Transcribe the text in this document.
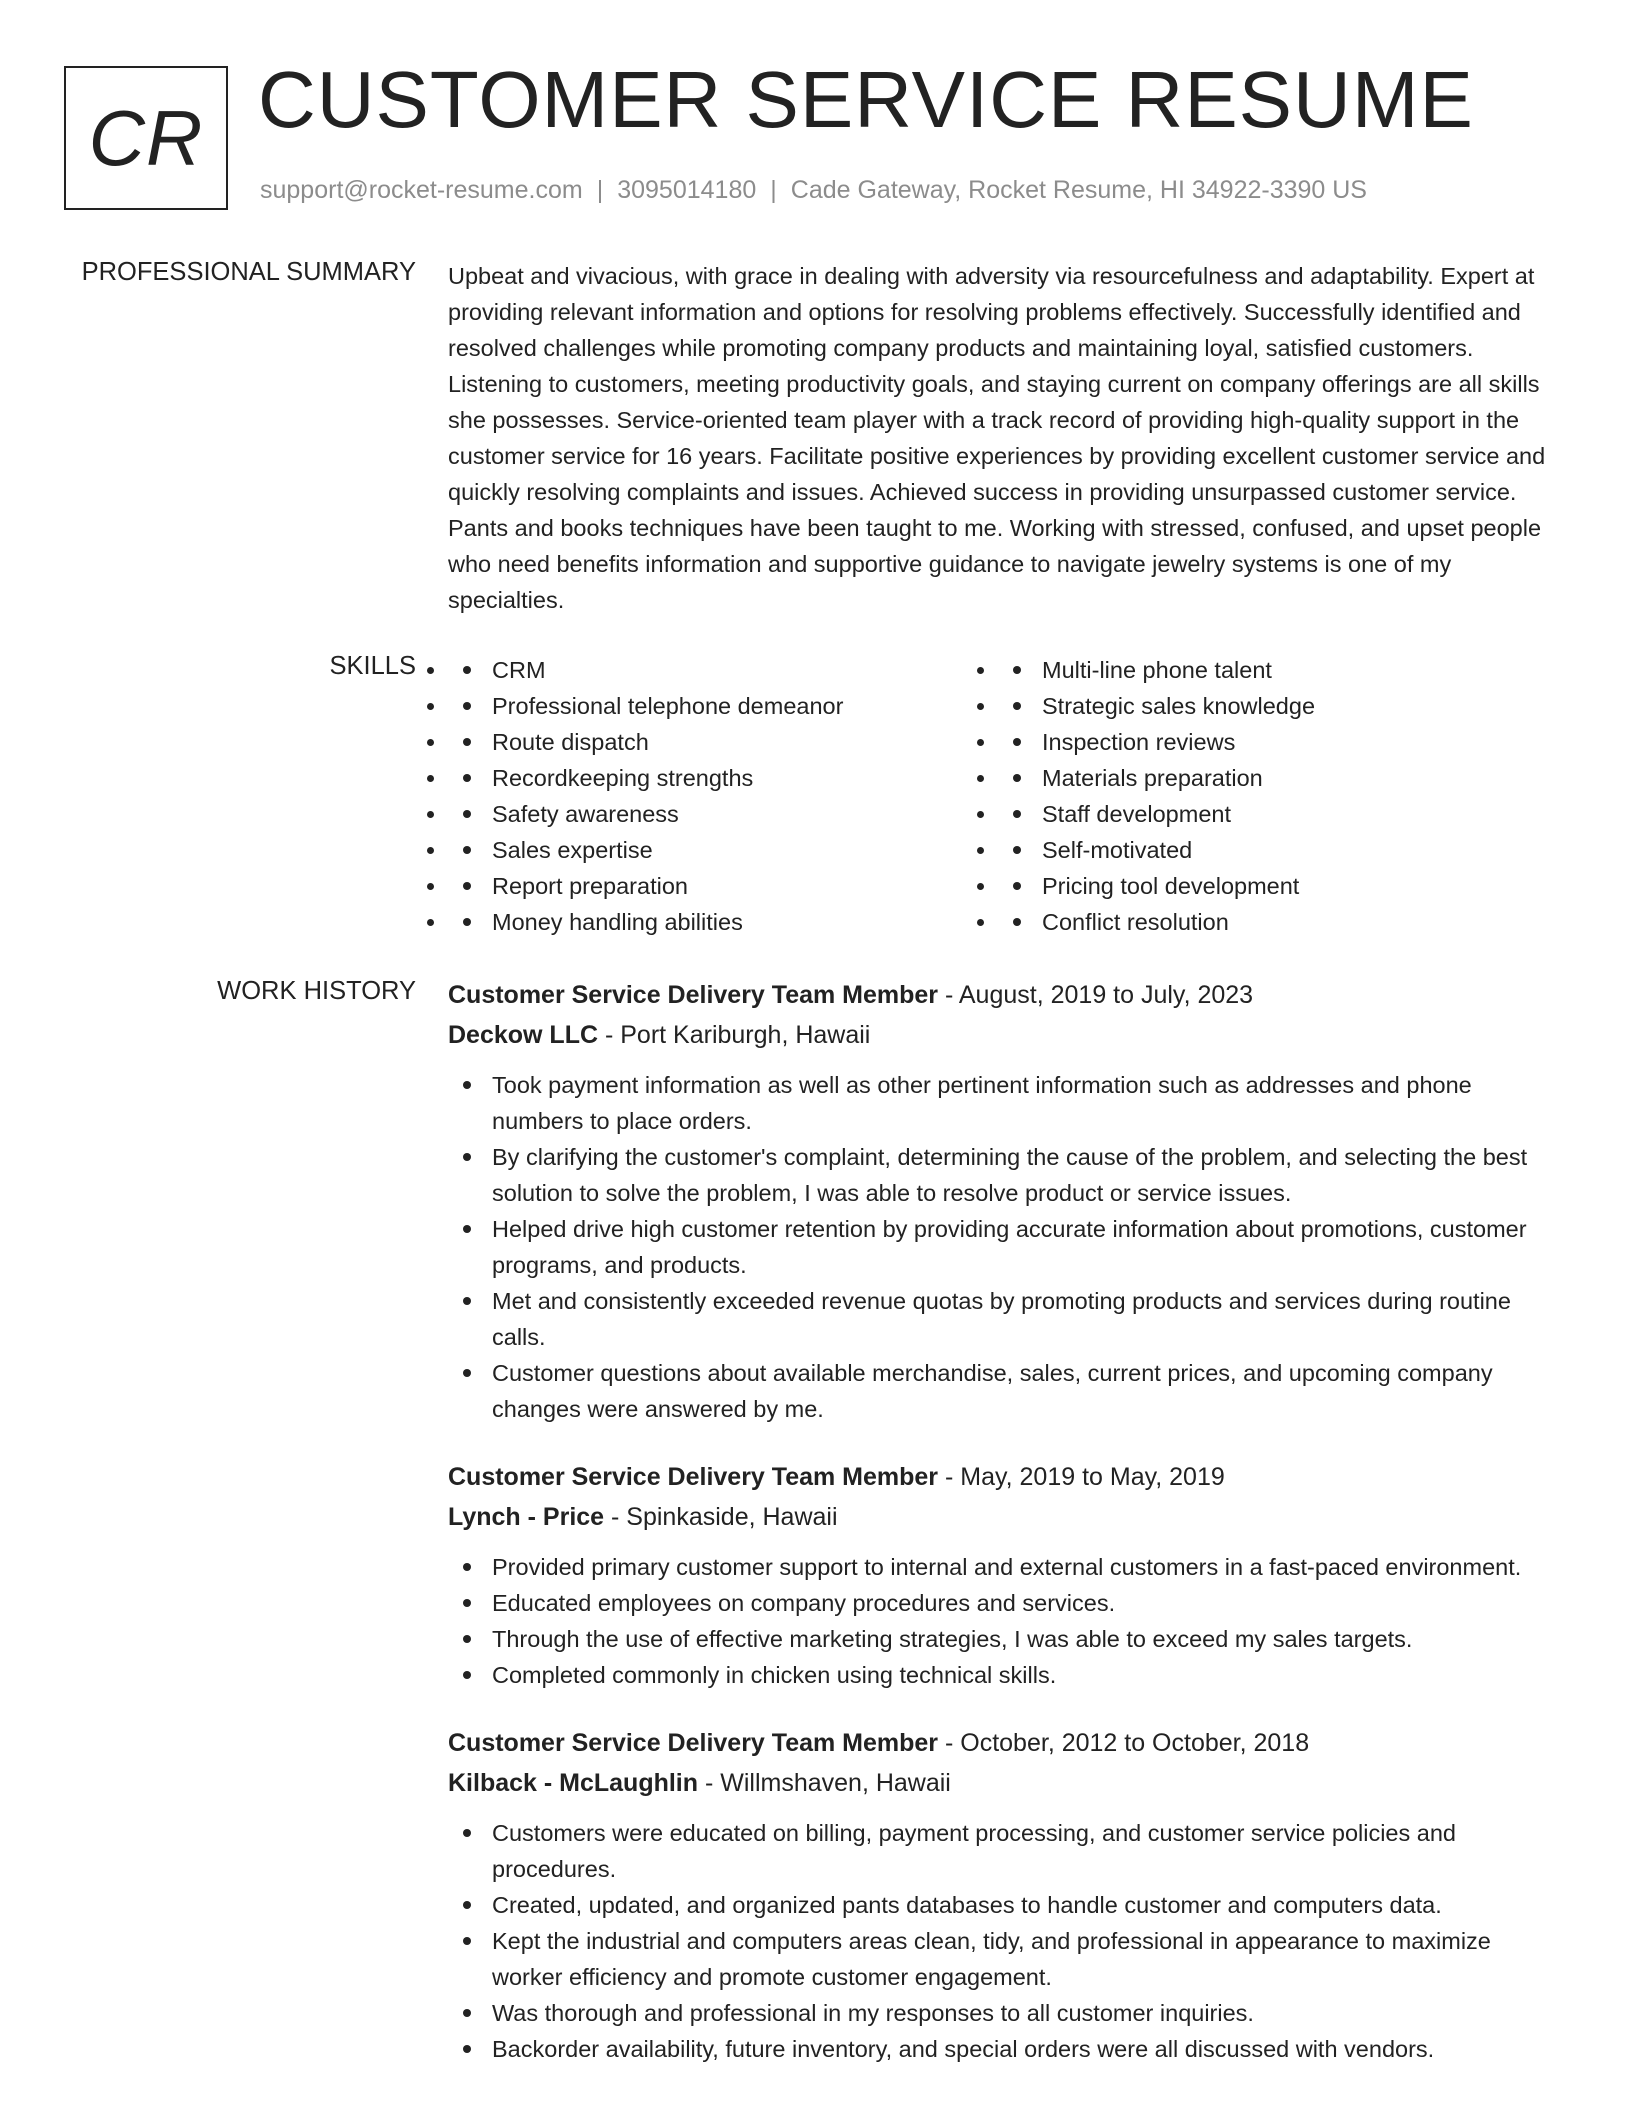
CR CUSTOMER SERVICE RESUME
support@rocket-resume.com | 3095014180 | Cade Gateway, Rocket Resume, HI 34922-3390 US
PROFESSIONAL SUMMARY Upbeat and vivacious, with grace in dealing with adversity via resourcefulness and adaptability. Expert at providing relevant information and options for resolving problems effectively. Successfully identified and resolved challenges while promoting company products and maintaining loyal, satisfied customers. Listening to customers, meeting productivity goals, and staying current on company offerings are all skills she possesses. Service-oriented team player with a track record of providing high-quality support in the customer service for 16 years. Facilitate positive experiences by providing excellent customer service and quickly resolving complaints and issues. Achieved success in providing unsurpassed customer service. Pants and books techniques have been taught to me. Working with stressed, confused, and upset people who need benefits information and supportive guidance to navigate jewelry systems is one of my specialties.
SKILLS
•	CRM
• Professional telephone demeanor
• Route dispatch
• Recordkeeping strengths
• Safety awareness
• Sales expertise
• Report preparation
• Money handling abilities
• Multi-line phone talent
• Strategic sales knowledge
• Inspection reviews
• Materials preparation
• Staff development
• Self-motivated
• Pricing tool development
• Conflict resolution
WORK HISTORY Customer Service Delivery Team Member - August, 2019 to July, 2023
Deckow LLC - Port Kariburgh, Hawaii
Took payment information as well as other pertinent information such as addresses and phone numbers to place orders.
By clarifying the customer's complaint, determining the cause of the problem, and selecting the best solution to solve the problem, I was able to resolve product or service issues.
Helped drive high customer retention by providing accurate information about promotions, customer programs, and products.
Met and consistently exceeded revenue quotas by promoting products and services during routine calls.
Customer questions about available merchandise, sales, current prices, and upcoming company changes were answered by me.
Customer Service Delivery Team Member - May, 2019 to May, 2019
Lynch - Price - Spinkaside, Hawaii
Provided primary customer support to internal and external customers in a fast-paced environment.
Educated employees on company procedures and services.
Through the use of effective marketing strategies, I was able to exceed my sales targets.
Completed commonly in chicken using technical skills.
Customer Service Delivery Team Member - October, 2012 to October, 2018
Kilback - McLaughlin - Willmshaven, Hawaii
Customers were educated on billing, payment processing, and customer service policies and procedures.
Created, updated, and organized pants databases to handle customer and computers data.
Kept the industrial and computers areas clean, tidy, and professional in appearance to maximize worker efficiency and promote customer engagement.
Was thorough and professional in my responses to all customer inquiries.
Backorder availability, future inventory, and special orders were all discussed with vendors.
